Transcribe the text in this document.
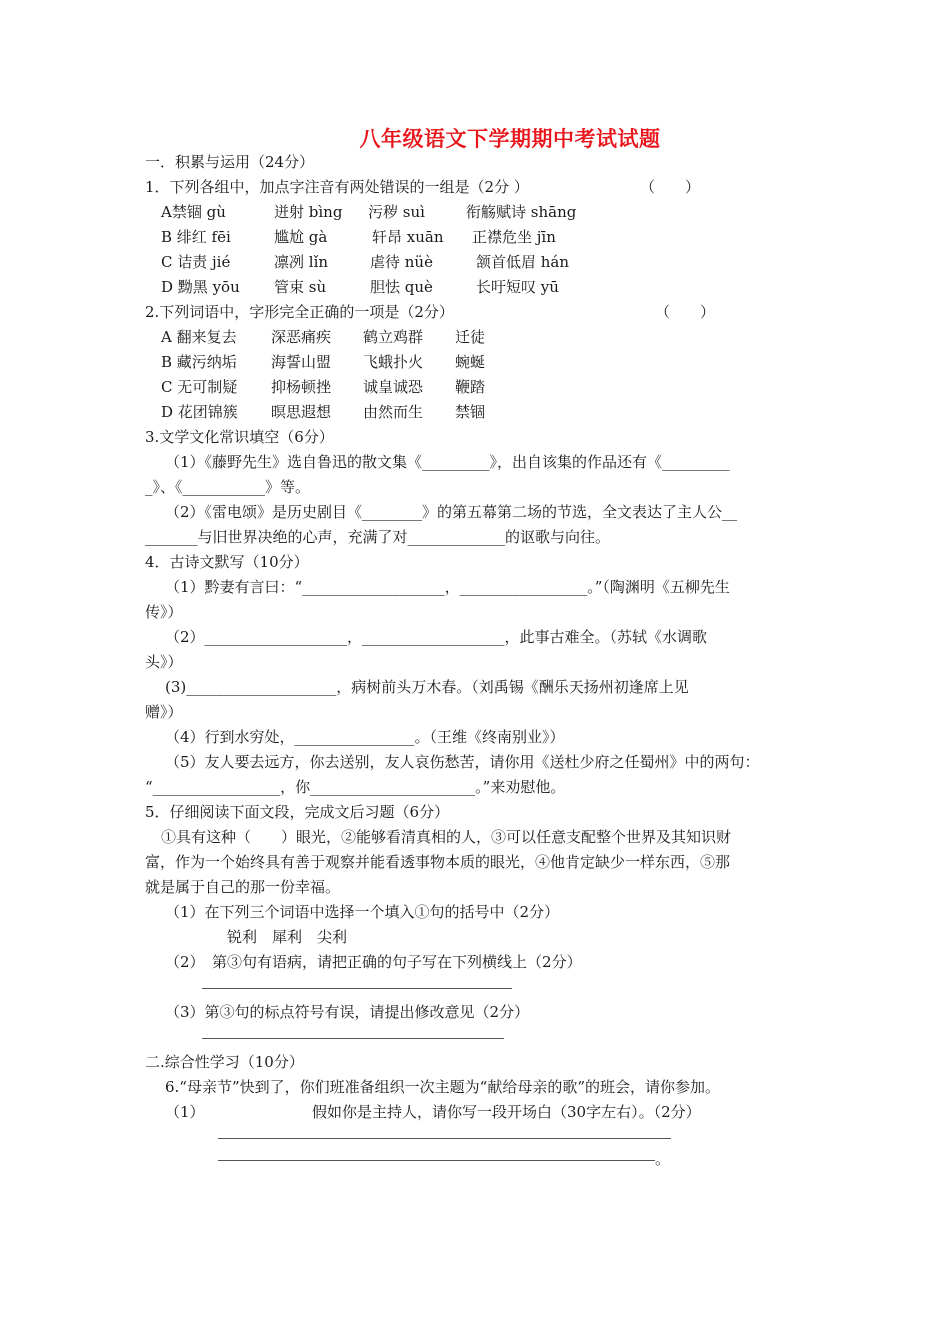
八年级语文下学期期中考试试题
一．积累与运用（24分）
1．下列各组中，加点字注音有两处错误的一组是（2分 ）	（　　）
A禁锢 gù	迸射 bìng 污秽 suì	衔觞赋诗 shāng
B 绯红 fēi	尴尬 gà	轩昂 xuān 正襟危坐 jīn
C 诘责 jié	凛冽 lǐn	虐待 nüè	颔首低眉 hán
D 黝黑 yōu 管束 sù	胆怯 què	长吁短叹 yū
2.下列词语中，字形完全正确的一项是（2分）	（　　）
A 翻来复去 深恶痛疾 鹤立鸡群 迁徒
B 藏污纳垢 海誓山盟 飞蛾扑火 蜿蜒
C 无可制疑 抑杨顿挫 诚皇诚恐 鞭踏
D 花团锦簇 暝思遐想 由然而生 禁锢
3.文学文化常识填空（6分）
（1）《藤野先生》选自鲁迅的散文集《_________》，出自该集的作品还有《_________
_》、《___________》等。
（2）《雷电颂》是历史剧目《________》的第五幕第二场的节选，全文表达了主人公__
_______与旧世界决绝的心声，充满了对_____________的讴歌与向往。
4．古诗文默写（10分）
（1）黔妻有言曰：“___________________，_________________。”（陶渊明《五柳先生
传》）
（2）___________________，___________________，此事古难全。（苏轼《水调歌
头》）
(3)____________________，病树前头万木春。（刘禹锡《酬乐天扬州初逢席上见
赠》）
（4）行到水穷处，________________。（王维《终南别业》）
（5）友人要去远方，你去送别，友人哀伤愁苦，请你用《送杜少府之任蜀州》中的两句：
“_________________，你______________________。”来劝慰他。
5．仔细阅读下面文段，完成文后习题（6分）
①具有这种（　　）眼光，②能够看清真相的人，③可以任意支配整个世界及其知识财
富，作为一个始终具有善于观察并能看透事物本质的眼光，④他肯定缺少一样东西，⑤那
就是属于自己的那一份幸福。
（1）在下列三个词语中选择一个填入①句的括号中（2分）
锐利　犀利　尖利
（2）　第③句有语病，请把正确的句子写在下列横线上（2分）
（3）第③句的标点符号有误，请提出修改意见（2分）
二.综合性学习（10分）
6.“母亲节”快到了，你们班准备组织一次主题为“献给母亲的歌”的班会，请你参加。
（1）	假如你是主持人，请你写一段开场白（30字左右）。（2分）
。
